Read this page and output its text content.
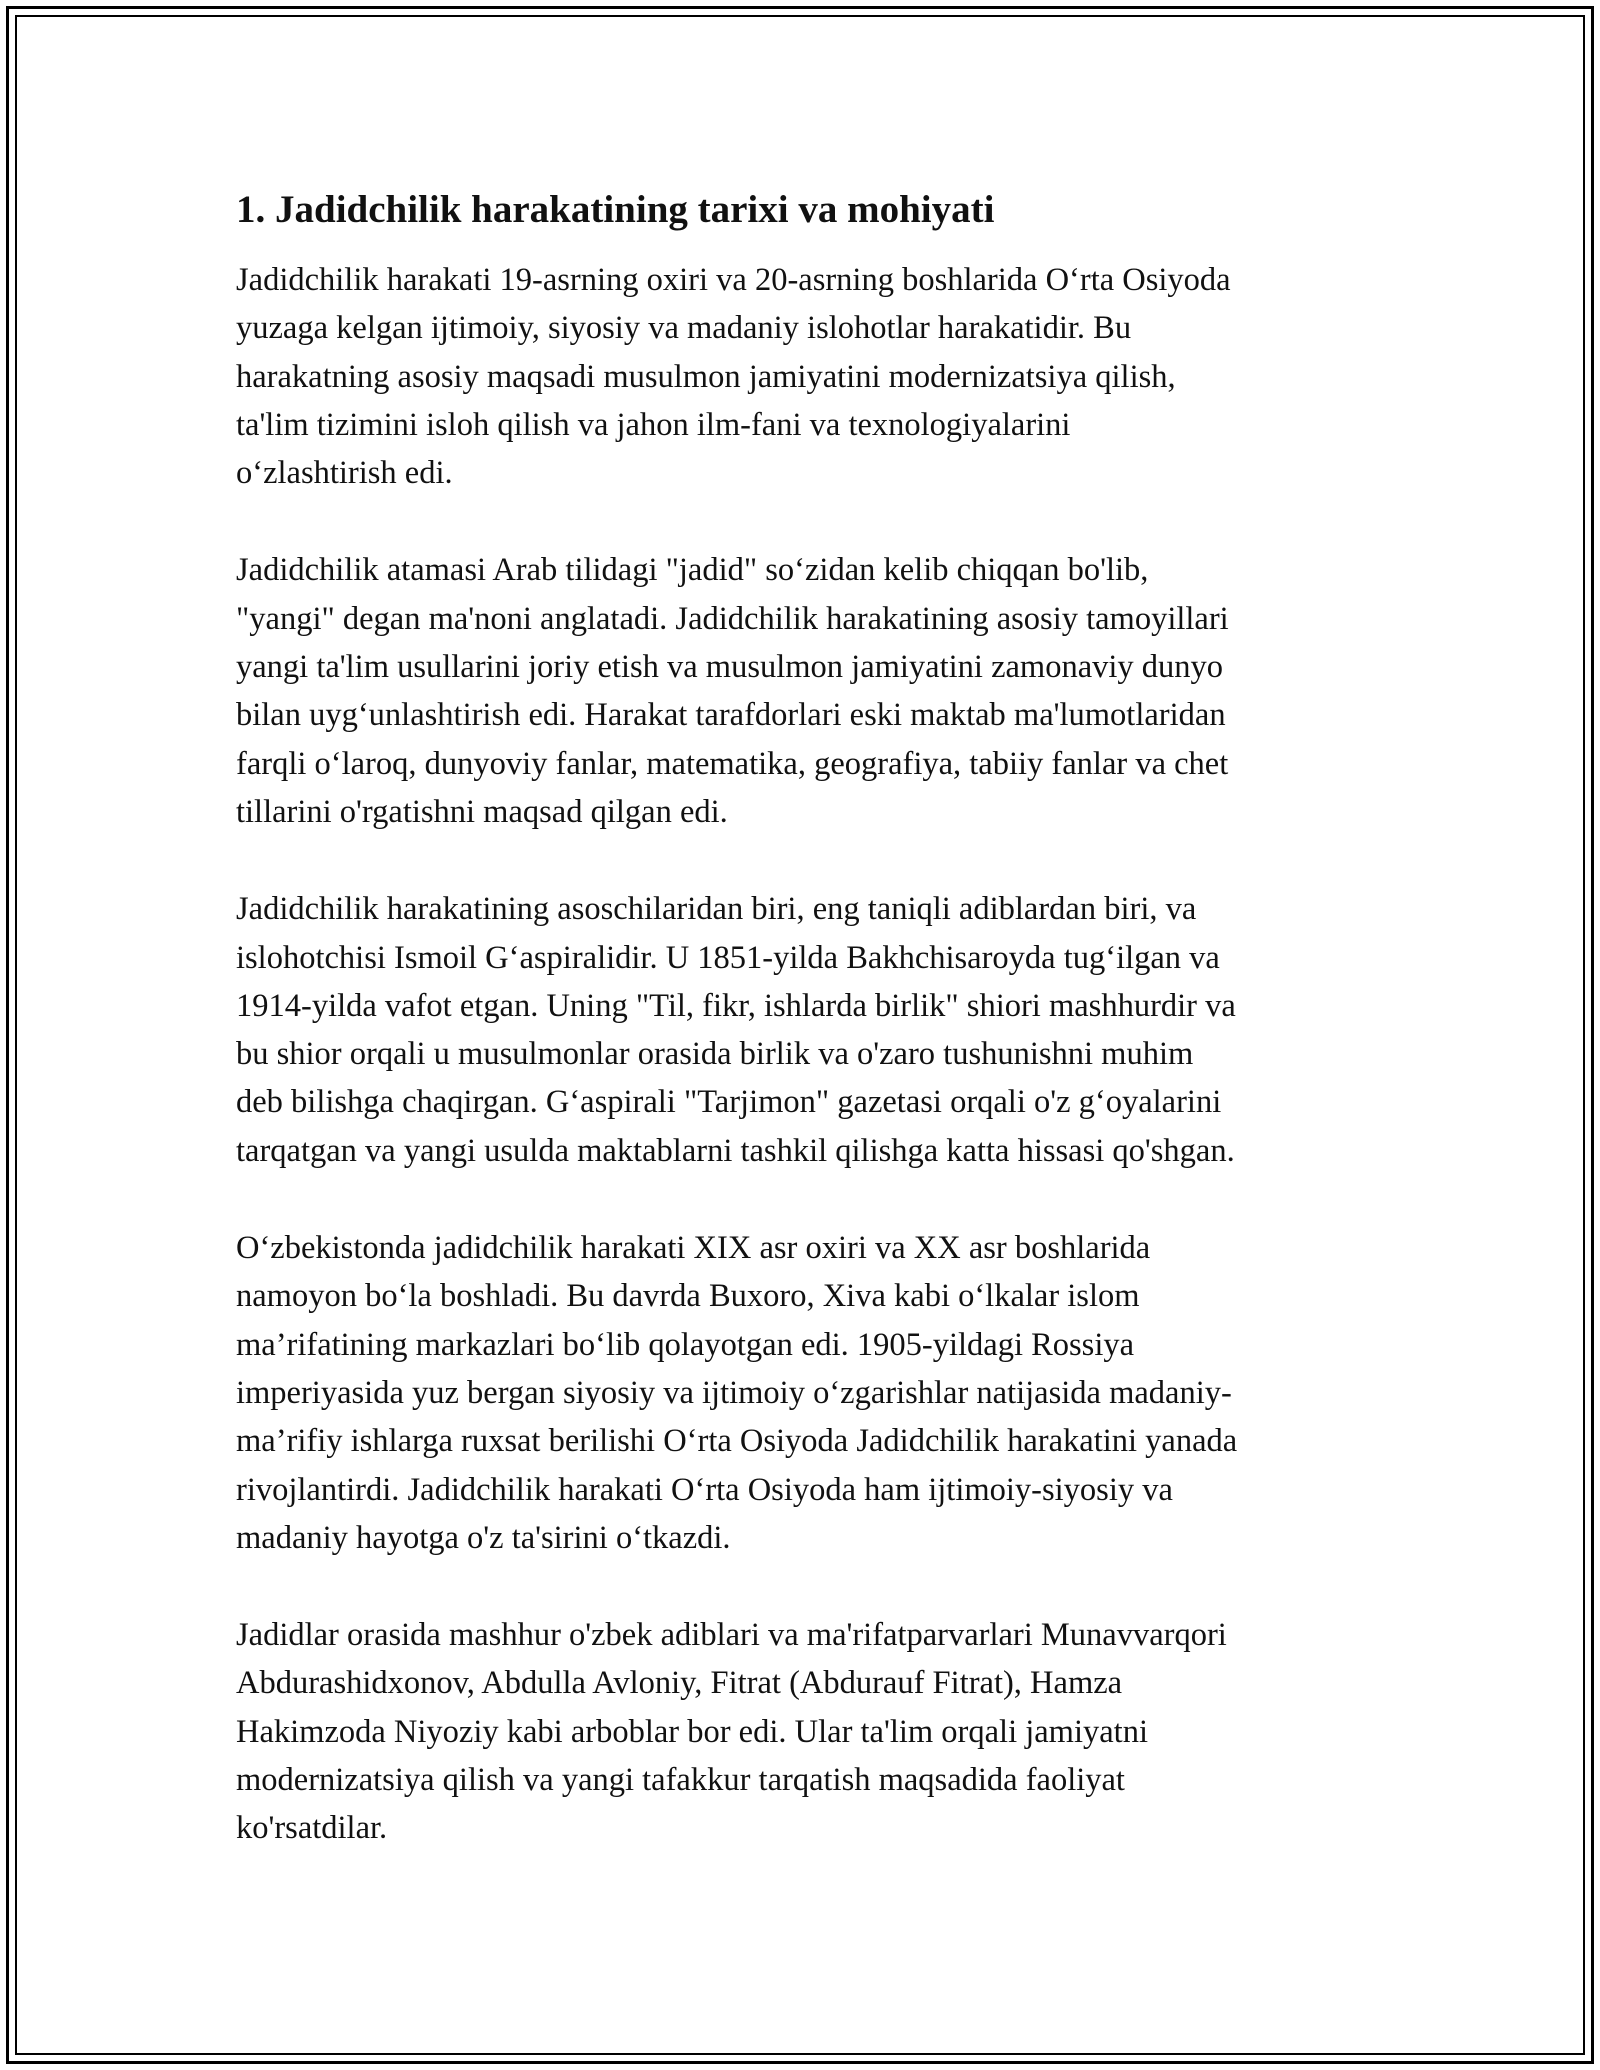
1. Jadidchilik harakatining tarixi va mohiyati
Jadidchilik harakati 19-asrning oxiri va 20-asrning boshlarida O‘rta Osiyoda
yuzaga kelgan ijtimoiy, siyosiy va madaniy islohotlar harakatidir. Bu
harakatning asosiy maqsadi musulmon jamiyatini modernizatsiya qilish,
ta'lim tizimini isloh qilish va jahon ilm-fani va texnologiyalarini
o‘zlashtirish edi.
Jadidchilik atamasi Arab tilidagi "jadid" so‘zidan kelib chiqqan bo'lib,
"yangi" degan ma'noni anglatadi. Jadidchilik harakatining asosiy tamoyillari
yangi ta'lim usullarini joriy etish va musulmon jamiyatini zamonaviy dunyo
bilan uyg‘unlashtirish edi. Harakat tarafdorlari eski maktab ma'lumotlaridan
farqli o‘laroq, dunyoviy fanlar, matematika, geografiya, tabiiy fanlar va chet
tillarini o'rgatishni maqsad qilgan edi.
Jadidchilik harakatining asoschilaridan biri, eng taniqli adiblardan biri, va
islohotchisi Ismoil G‘aspiralidir. U 1851-yilda Bakhchisaroyda tug‘ilgan va
1914-yilda vafot etgan. Uning "Til, fikr, ishlarda birlik" shiori mashhurdir va
bu shior orqali u musulmonlar orasida birlik va o'zaro tushunishni muhim
deb bilishga chaqirgan. G‘aspirali "Tarjimon" gazetasi orqali o'z g‘oyalarini
tarqatgan va yangi usulda maktablarni tashkil qilishga katta hissasi qo'shgan.
O‘zbekistonda jadidchilik harakati XIX asr oxiri va XX asr boshlarida
namoyon bo‘la boshladi. Bu davrda Buxoro, Xiva kabi o‘lkalar islom
ma’rifatining markazlari bo‘lib qolayotgan edi. 1905-yildagi Rossiya
imperiyasida yuz bergan siyosiy va ijtimoiy o‘zgarishlar natijasida madaniy-
ma’rifiy ishlarga ruxsat berilishi O‘rta Osiyoda Jadidchilik harakatini yanada
rivojlantirdi. Jadidchilik harakati O‘rta Osiyoda ham ijtimoiy-siyosiy va
madaniy hayotga o'z ta'sirini o‘tkazdi.
Jadidlar orasida mashhur o'zbek adiblari va ma'rifatparvarlari Munavvarqori
Abdurashidxonov, Abdulla Avloniy, Fitrat (Abdurauf Fitrat), Hamza
Hakimzoda Niyoziy kabi arboblar bor edi. Ular ta'lim orqali jamiyatni
modernizatsiya qilish va yangi tafakkur tarqatish maqsadida faoliyat
ko'rsatdilar.
